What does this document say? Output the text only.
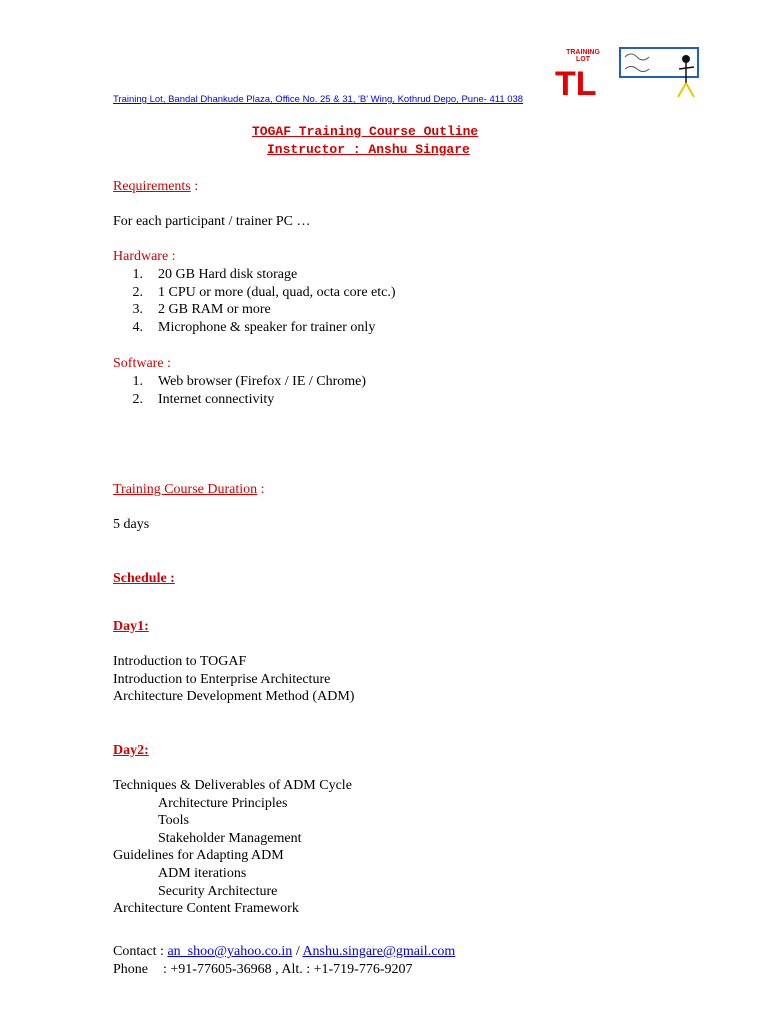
TRAINING
LOT
TL
Training Lot, Bandal Dhankude Plaza, Office No. 25 & 31, 'B' Wing, Kothrud Depo, Pune- 411 038
TOGAF Training Course Outline
Instructor : Anshu Singare
Requirements :
For each participant / trainer PC …
Hardware :
1. 20 GB Hard disk storage
2. 1 CPU or more (dual, quad, octa core etc.)
3. 2 GB RAM or more
4. Microphone & speaker for trainer only
Software :
1. Web browser (Firefox / IE / Chrome)
2. Internet connectivity
Training Course Duration :
5 days
Schedule :
Day1:
Introduction to TOGAF
Introduction to Enterprise Architecture
Architecture Development Method (ADM)
Day2:
Techniques & Deliverables of ADM Cycle
Architecture Principles
Tools
Stakeholder Management
Guidelines for Adapting ADM
ADM iterations
Security Architecture
Architecture Content Framework
Contact : an_shoo@yahoo.co.in / Anshu.singare@gmail.com
Phone : +91-77605-36968 , Alt. : +1-719-776-9207
